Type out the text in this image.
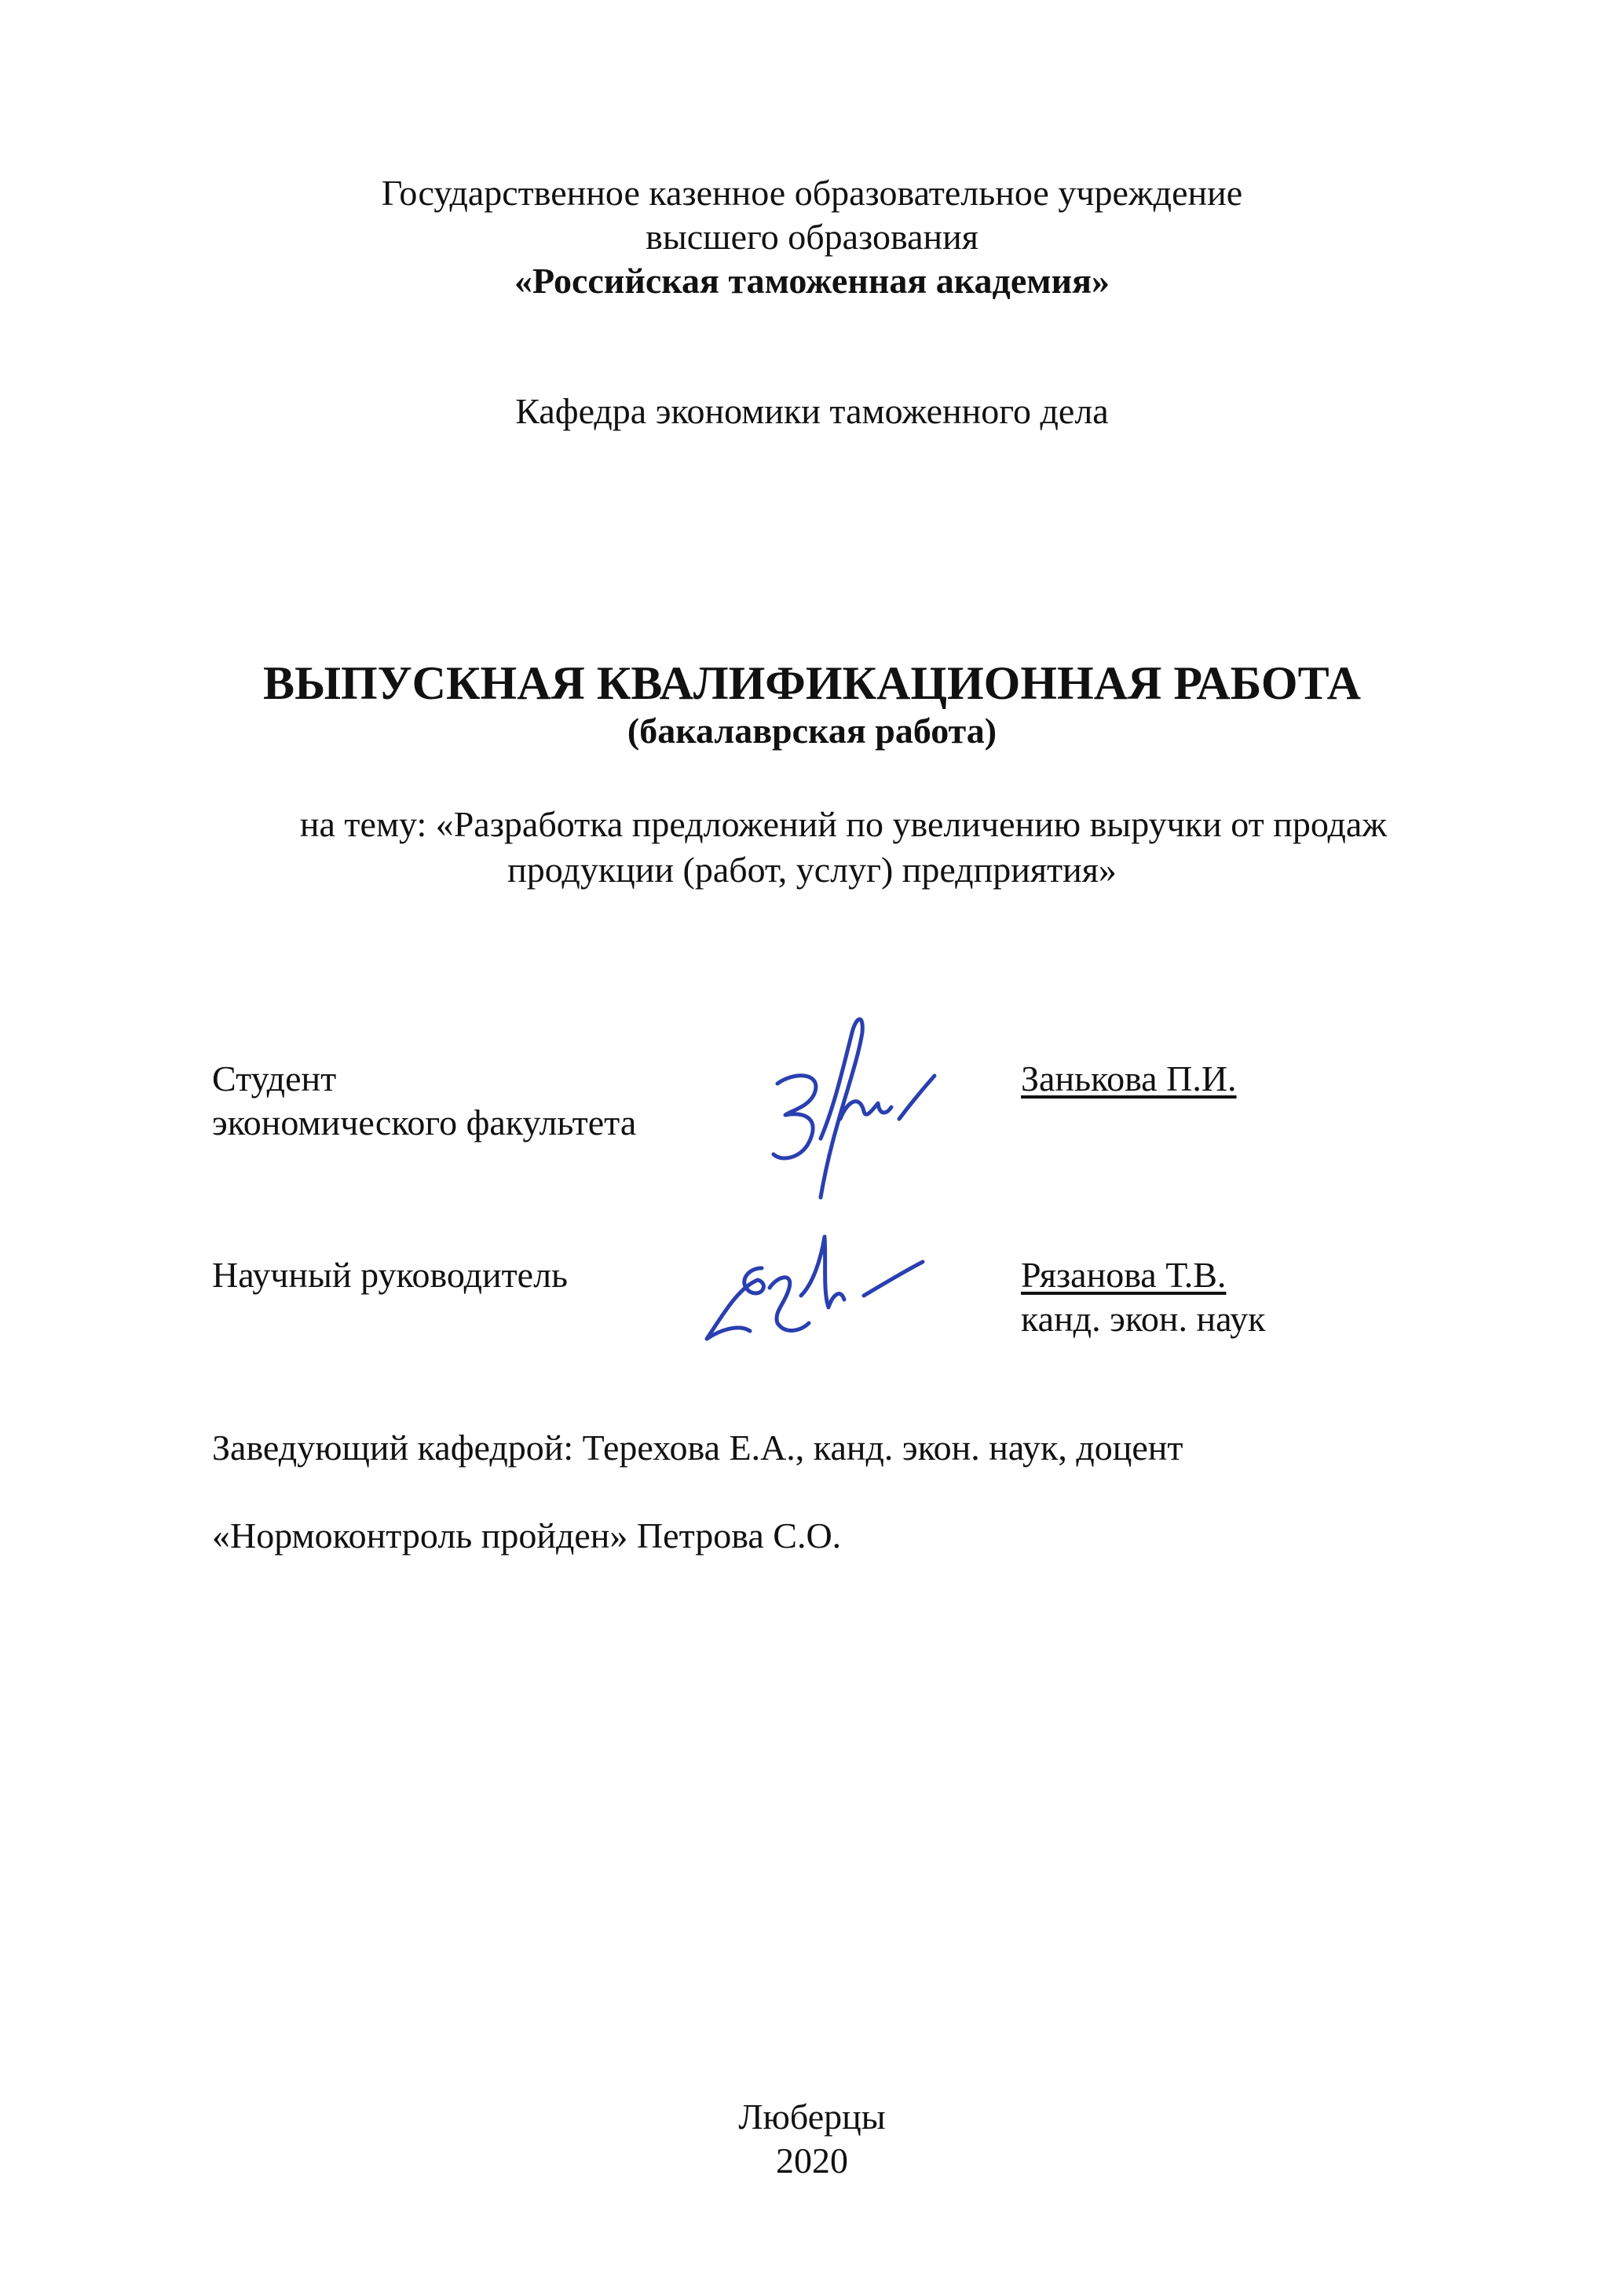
Государственное казенное образовательное учреждение
высшего образования
«Российская таможенная академия»
Кафедра экономики таможенного дела
ВЫПУСКНАЯ КВАЛИФИКАЦИОННАЯ РАБОТА
(бакалаврская работа)
на тему: «Разработка предложений по увеличению выручки от продаж
продукции (работ, услуг) предприятия»
Студент
экономического факультета
Занькова П.И.
Научный руководитель	Рязанова Т.В.
канд. экон. наук
Заведующий кафедрой: Терехова Е.А., канд. экон. наук, доцент
«Нормоконтроль пройден» Петрова С.О.
Люберцы
2020
